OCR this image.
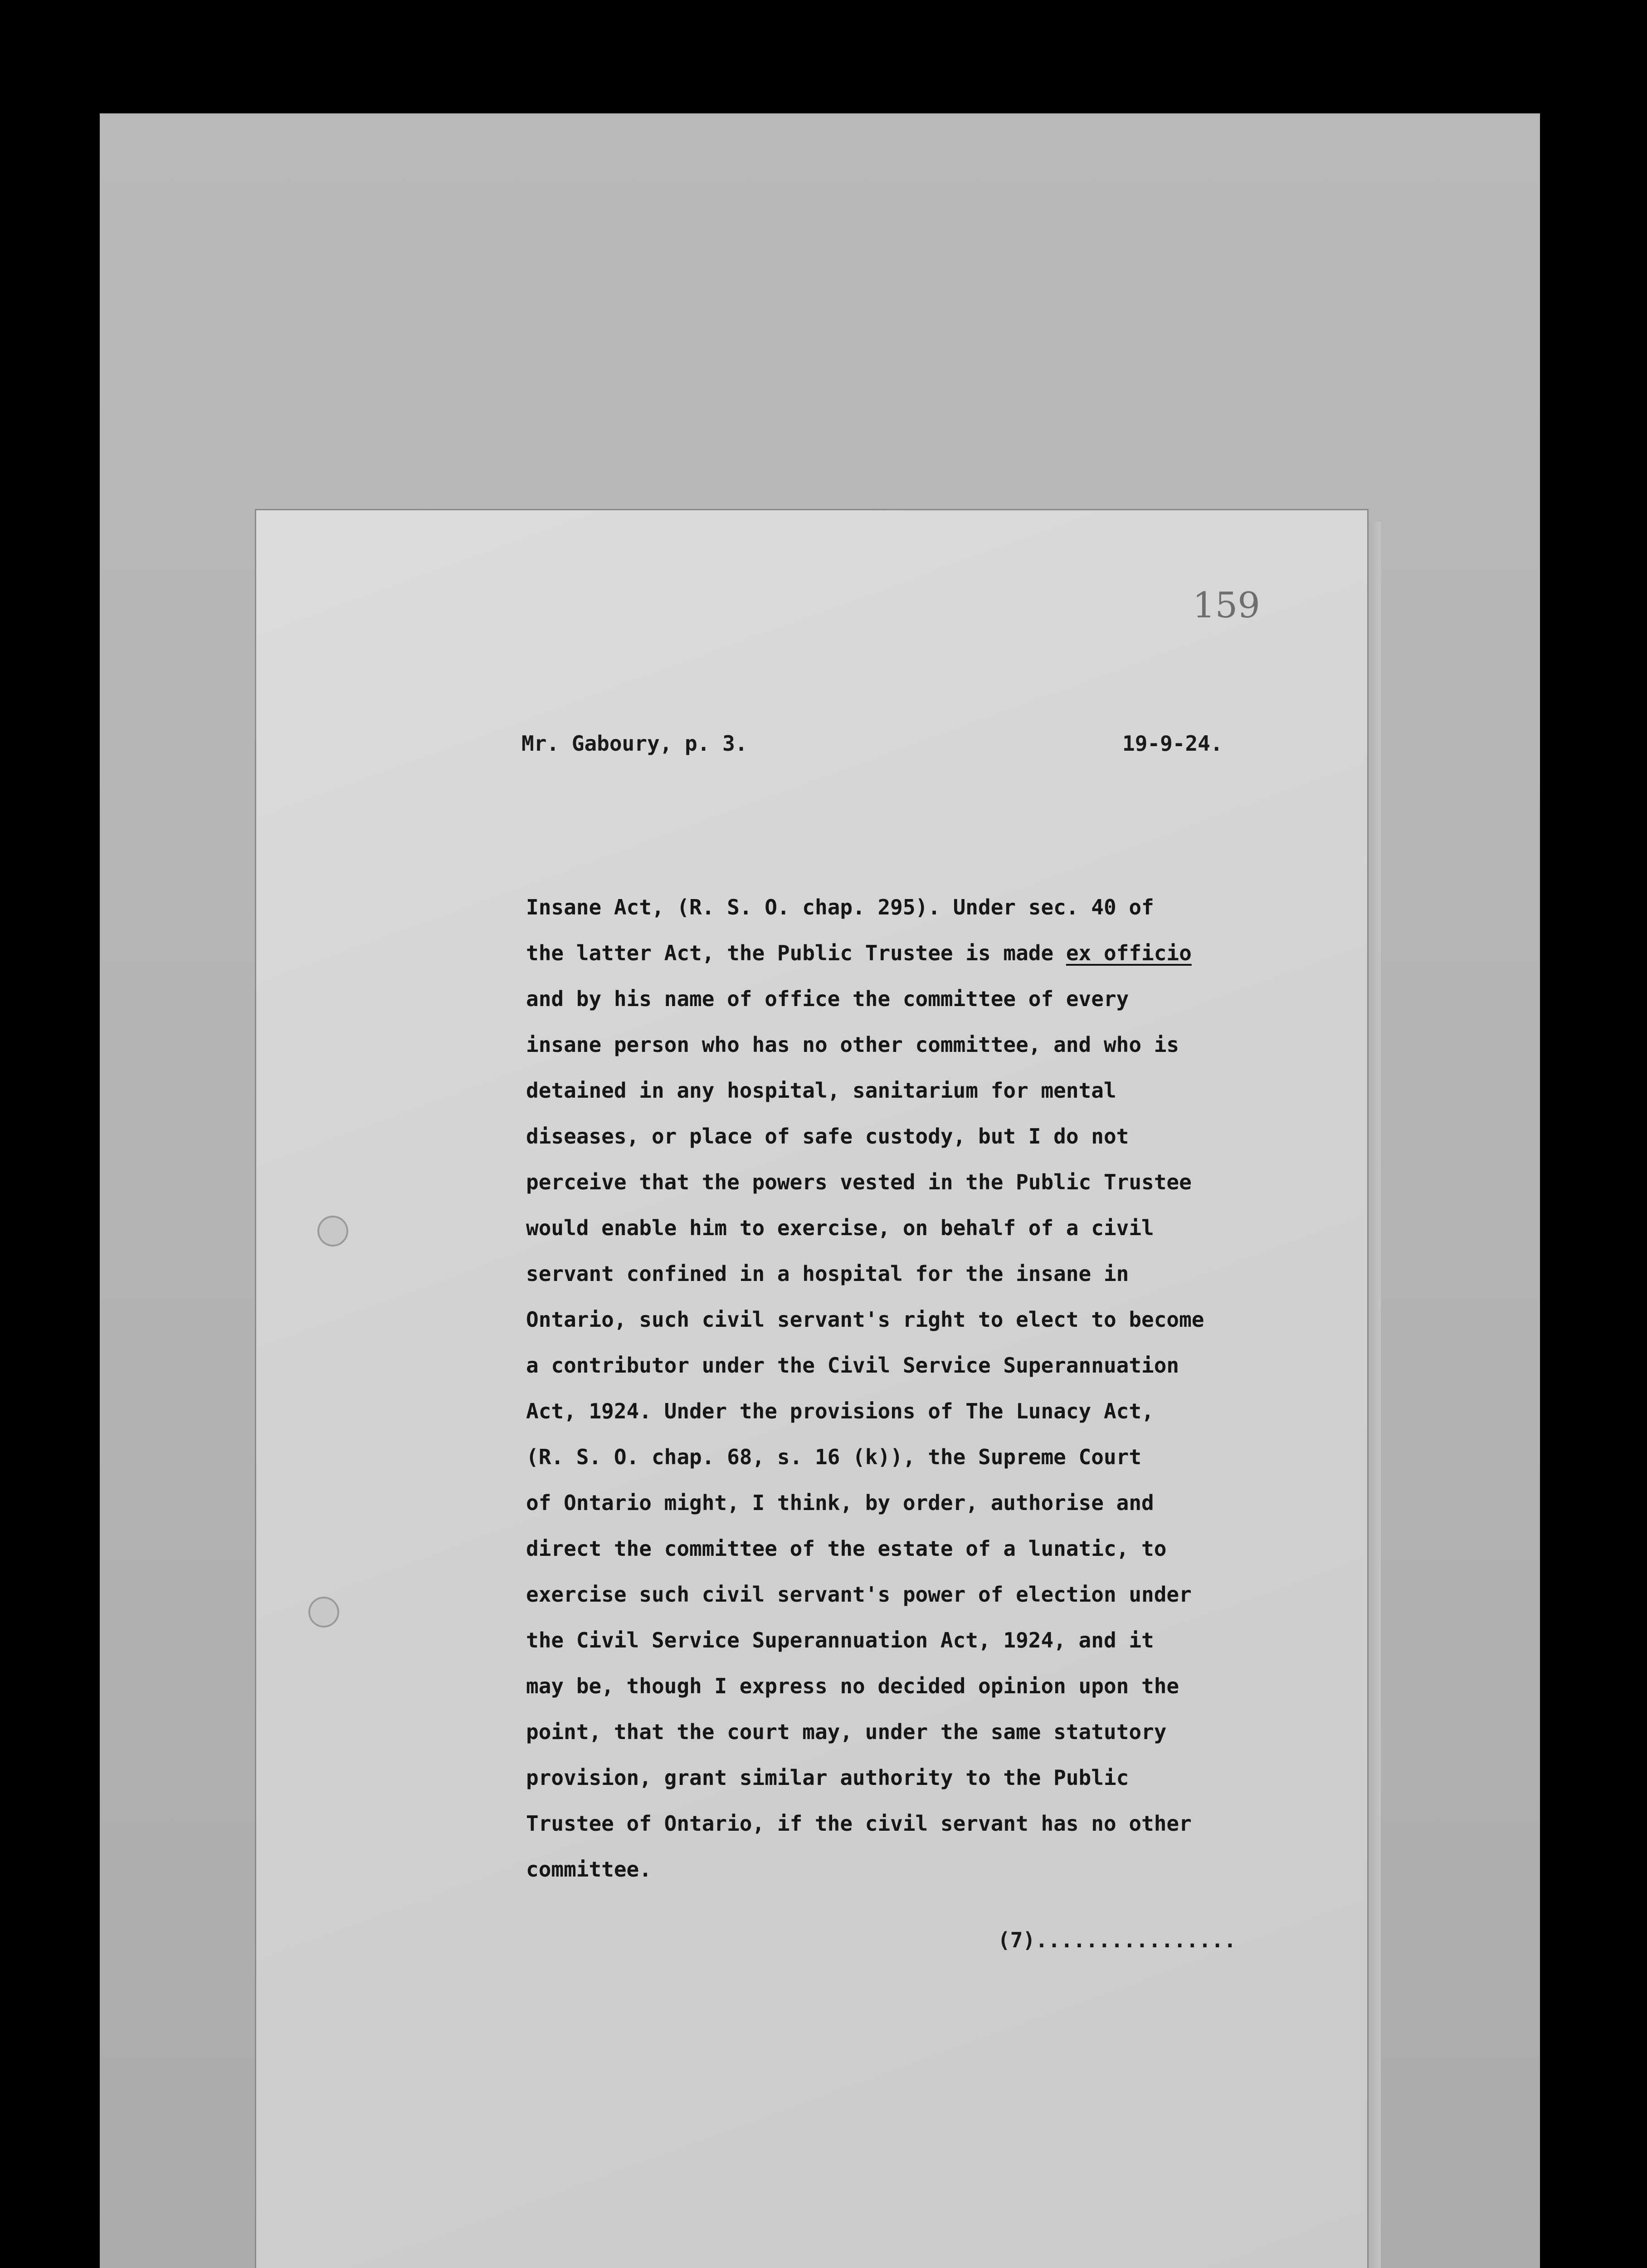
159
Mr. Gaboury, p. 3.	19-9-24.
Insane Act, (R. S. O. chap. 295). Under sec. 40 of
the latter Act, the Public Trustee is made ex officio
and by his name of office the committee of every
insane person who has no other committee, and who is
detained in any hospital, sanitarium for mental
diseases, or place of safe custody, but I do not
perceive that the powers vested in the Public Trustee
would enable him to exercise, on behalf of a civil
servant confined in a hospital for the insane in
Ontario, such civil servant's right to elect to become
a contributor under the Civil Service Superannuation
Act, 1924. Under the provisions of The Lunacy Act,
(R. S. O. chap. 68, s. 16 (k)), the Supreme Court
of Ontario might, I think, by order, authorise and
direct the committee of the estate of a lunatic, to
exercise such civil servant's power of election under
the Civil Service Superannuation Act, 1924, and it
may be, though I express no decided opinion upon the
point, that the court may, under the same statutory
provision, grant similar authority to the Public
Trustee of Ontario, if the civil servant has no other
committee.
(7)................
